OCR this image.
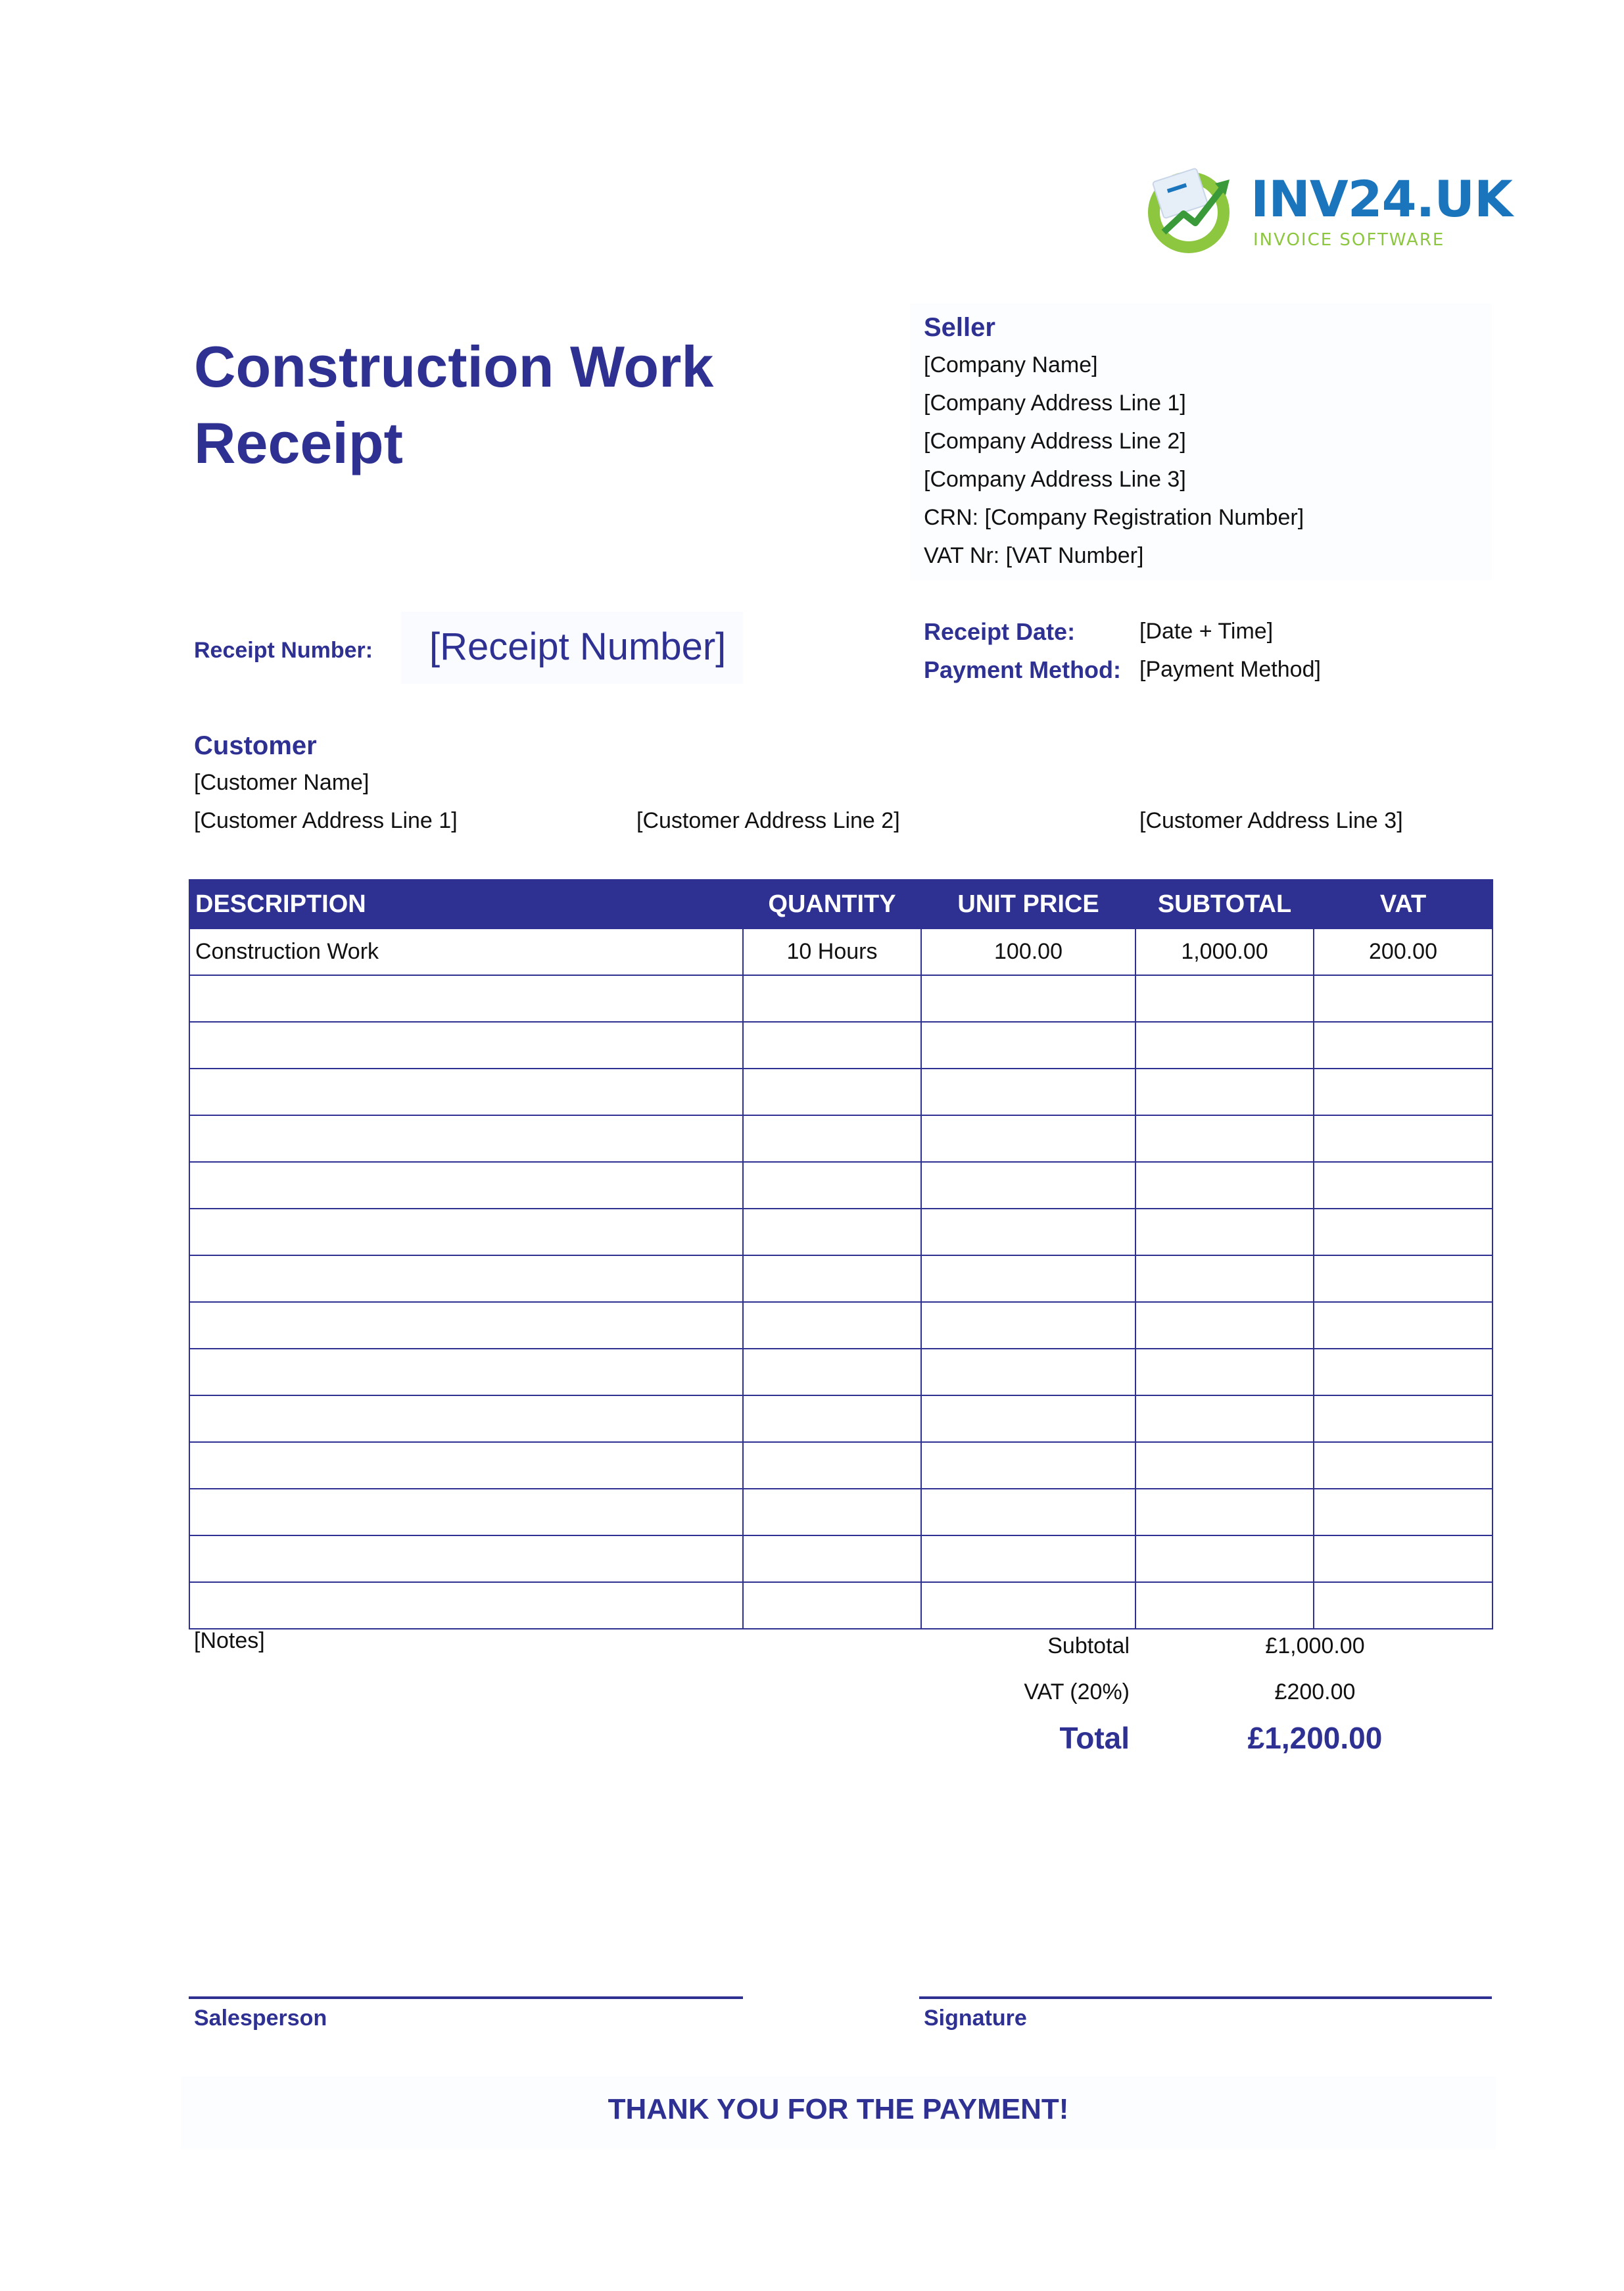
INV24.UK
INVOICE SOFTWARE
Construction Work
Receipt
Seller
[Company Name]
[Company Address Line 1]
[Company Address Line 2]
[Company Address Line 3]
CRN: [Company Registration Number]
VAT Nr: [VAT Number]
Receipt Number: [Receipt Number]	Receipt Date:	[Date + Time]
Payment Method: [Payment Method]
Customer
[Customer Name]
[Customer Address Line 1]	[Customer Address Line 2]	[Customer Address Line 3]
DESCRIPTION	QUANTITY	UNIT PRICE	SUBTOTAL	VAT
Construction Work	10 Hours	100.00	1,000.00	200.00

[Notes]	Subtotal	£1,000.00
VAT (20%)	£200.00
Total	£1,200.00
Salesperson	Signature
THANK YOU FOR THE PAYMENT!
